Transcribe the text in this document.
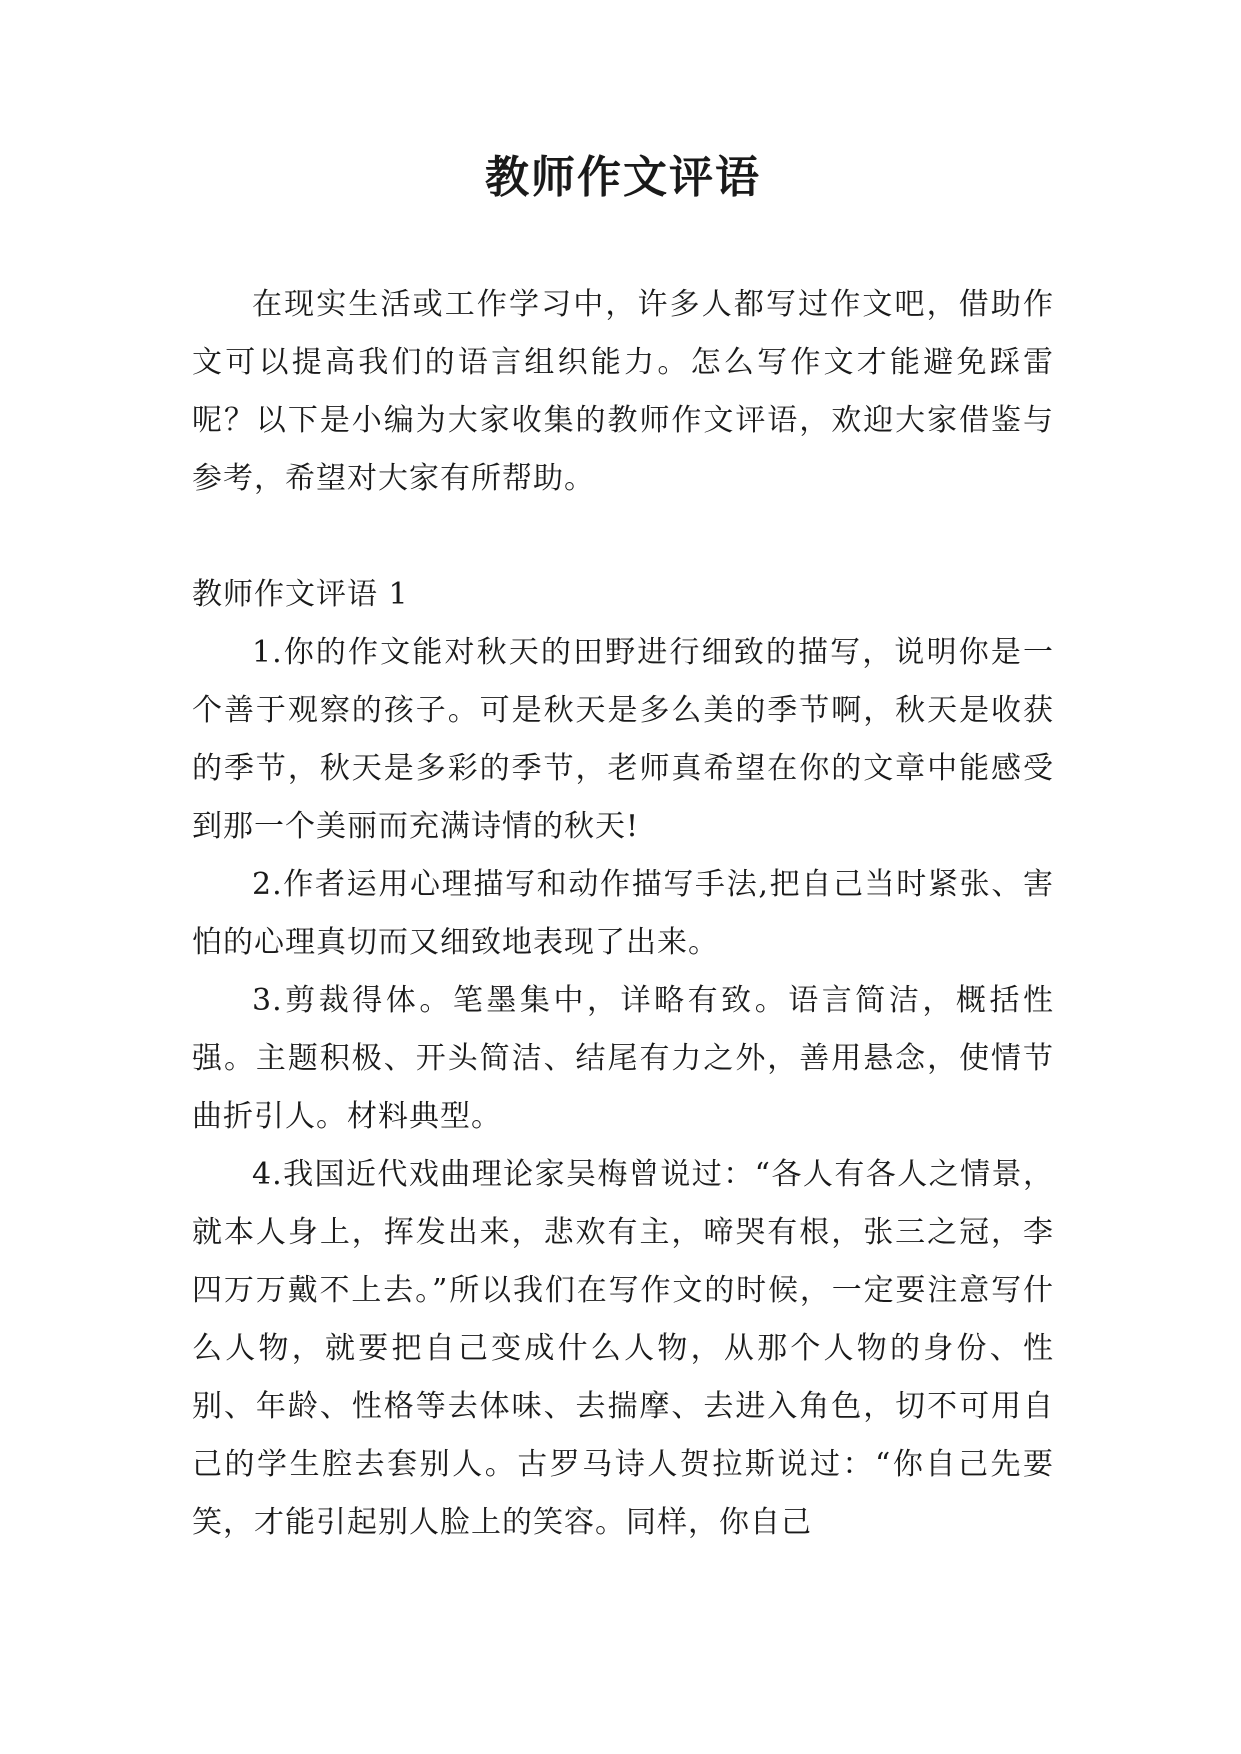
教师作文评语

在现实生活或工作学习中，许多人都写过作文吧，借助作文可以提高我们的语言组织能力。怎么写作文才能避免踩雷呢？以下是小编为大家收集的教师作文评语，欢迎大家借鉴与参考，希望对大家有所帮助。

教师作文评语 1

1.你的作文能对秋天的田野进行细致的描写，说明你是一个善于观察的孩子。可是秋天是多么美的季节啊，秋天是收获的季节，秋天是多彩的季节，老师真希望在你的文章中能感受到那一个美丽而充满诗情的秋天!

2.作者运用心理描写和动作描写手法,把自己当时紧张、害怕的心理真切而又细致地表现了出来。

3.剪裁得体。笔墨集中，详略有致。语言简洁，概括性强。主题积极、开头简洁、结尾有力之外，善用悬念，使情节曲折引人。材料典型。

4.我国近代戏曲理论家吴梅曾说过：“各人有各人之情景，就本人身上，挥发出来，悲欢有主，啼哭有根，张三之冠，李四万万戴不上去。”所以我们在写作文的时候，一定要注意写什么人物，就要把自己变成什么人物，从那个人物的身份、性别、年龄、性格等去体味、去揣摩、去进入角色，切不可用自己的学生腔去套别人。古罗马诗人贺拉斯说过：“你自己先要笑，才能引起别人脸上的笑容。同样，你自己
